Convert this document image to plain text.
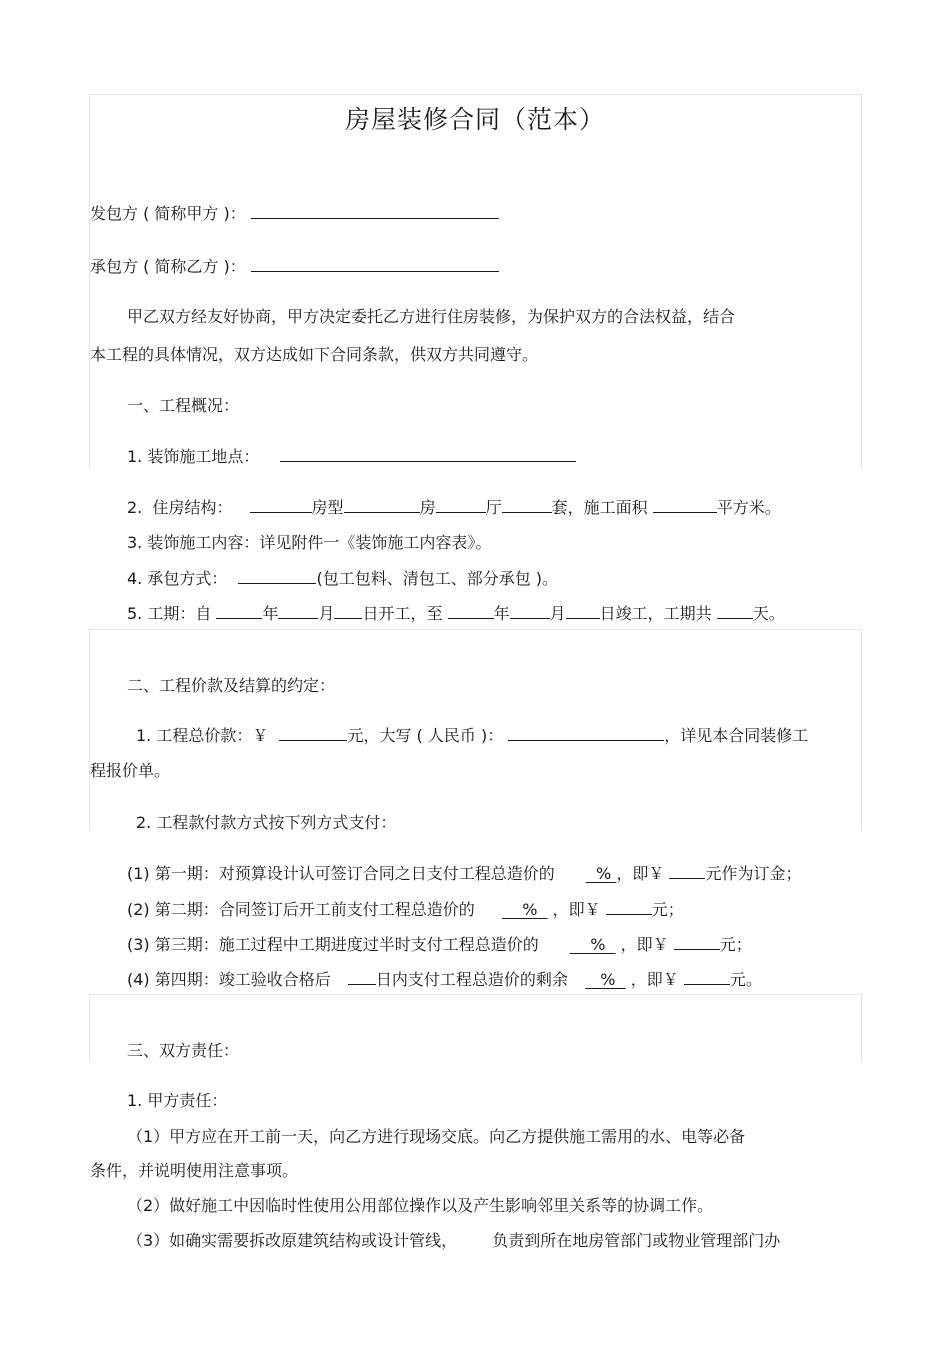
房屋装修合同（范本）
发包方 ( 简称甲方 )：
承包方 ( 简称乙方 )：
甲乙双方经友好协商，甲方决定委托乙方进行住房装修，为保护双方的合法权益，结合
本工程的具体情况，双方达成如下合同条款，供双方共同遵守。
一、工程概况：
1. 装饰施工地点：
2. 住房结构：	房型	房	厅	套，施工面积	平方米。
3. 装饰施工内容：详见附件一《装饰施工内容表》。
4. 承包方式：	(包工包料、清包工、部分承包 )。
5. 工期：自	年	月 日开工，至	年	月 日竣工，工期共	天。
二、工程价款及结算的约定：
1. 工程总价款：￥	元，大写 ( 人民币 )：	，详见本合同装修工
程报价单。
2. 工程款付款方式按下列方式支付：
(1) 第一期：对预算设计认可签订合同之日支付工程总造价的	% ，即￥	元作为订金；
(2) 第二期：合同签订后开工前支付工程总造价的	% ，即￥	元；
(3) 第三期：施工过程中工期进度过半时支付工程总造价的	% ，即￥	元；
(4) 第四期：竣工验收合格后	日内支付工程总造价的剩余 % ，即￥	元。
三、双方责任：
1. 甲方责任：
（1）甲方应在开工前一天，向乙方进行现场交底。向乙方提供施工需用的水、电等必备
条件，并说明使用注意事项。
（2）做好施工中因临时性使用公用部位操作以及产生影响邻里关系等的协调工作。
（3）如确实需要拆改原建筑结构或设计管线， 负责到所在地房管部门或物业管理部门办
